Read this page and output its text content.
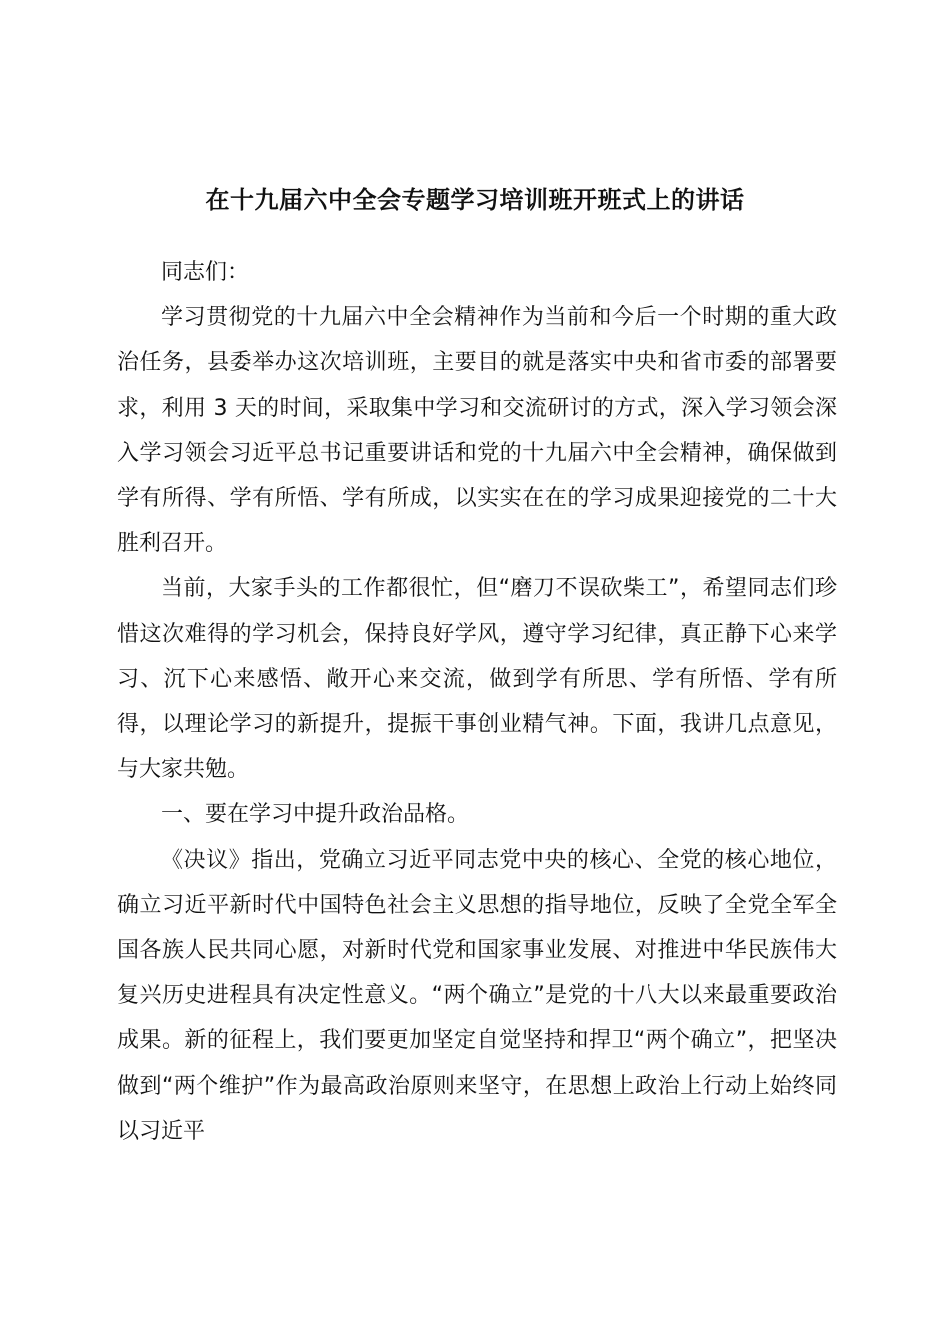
在十九届六中全会专题学习培训班开班式上的讲话

同志们：

学习贯彻党的十九届六中全会精神作为当前和今后一个时期的重大政治任务，县委举办这次培训班，主要目的就是落实中央和省市委的部署要求，利用 3 天的时间，采取集中学习和交流研讨的方式，深入学习领会深入学习领会习近平总书记重要讲话和党的十九届六中全会精神，确保做到学有所得、学有所悟、学有所成，以实实在在的学习成果迎接党的二十大胜利召开。

当前，大家手头的工作都很忙，但“磨刀不误砍柴工”，希望同志们珍惜这次难得的学习机会，保持良好学风，遵守学习纪律，真正静下心来学习、沉下心来感悟、敞开心来交流，做到学有所思、学有所悟、学有所得，以理论学习的新提升，提振干事创业精气神。下面，我讲几点意见，与大家共勉。

一、要在学习中提升政治品格。

《决议》指出，党确立习近平同志党中央的核心、全党的核心地位，确立习近平新时代中国特色社会主义思想的指导地位，反映了全党全军全国各族人民共同心愿，对新时代党和国家事业发展、对推进中华民族伟大复兴历史进程具有决定性意义。“两个确立”是党的十八大以来最重要政治成果。新的征程上，我们要更加坚定自觉坚持和捍卫“两个确立”，把坚决做到“两个维护”作为最高政治原则来坚守，在思想上政治上行动上始终同以习近平
